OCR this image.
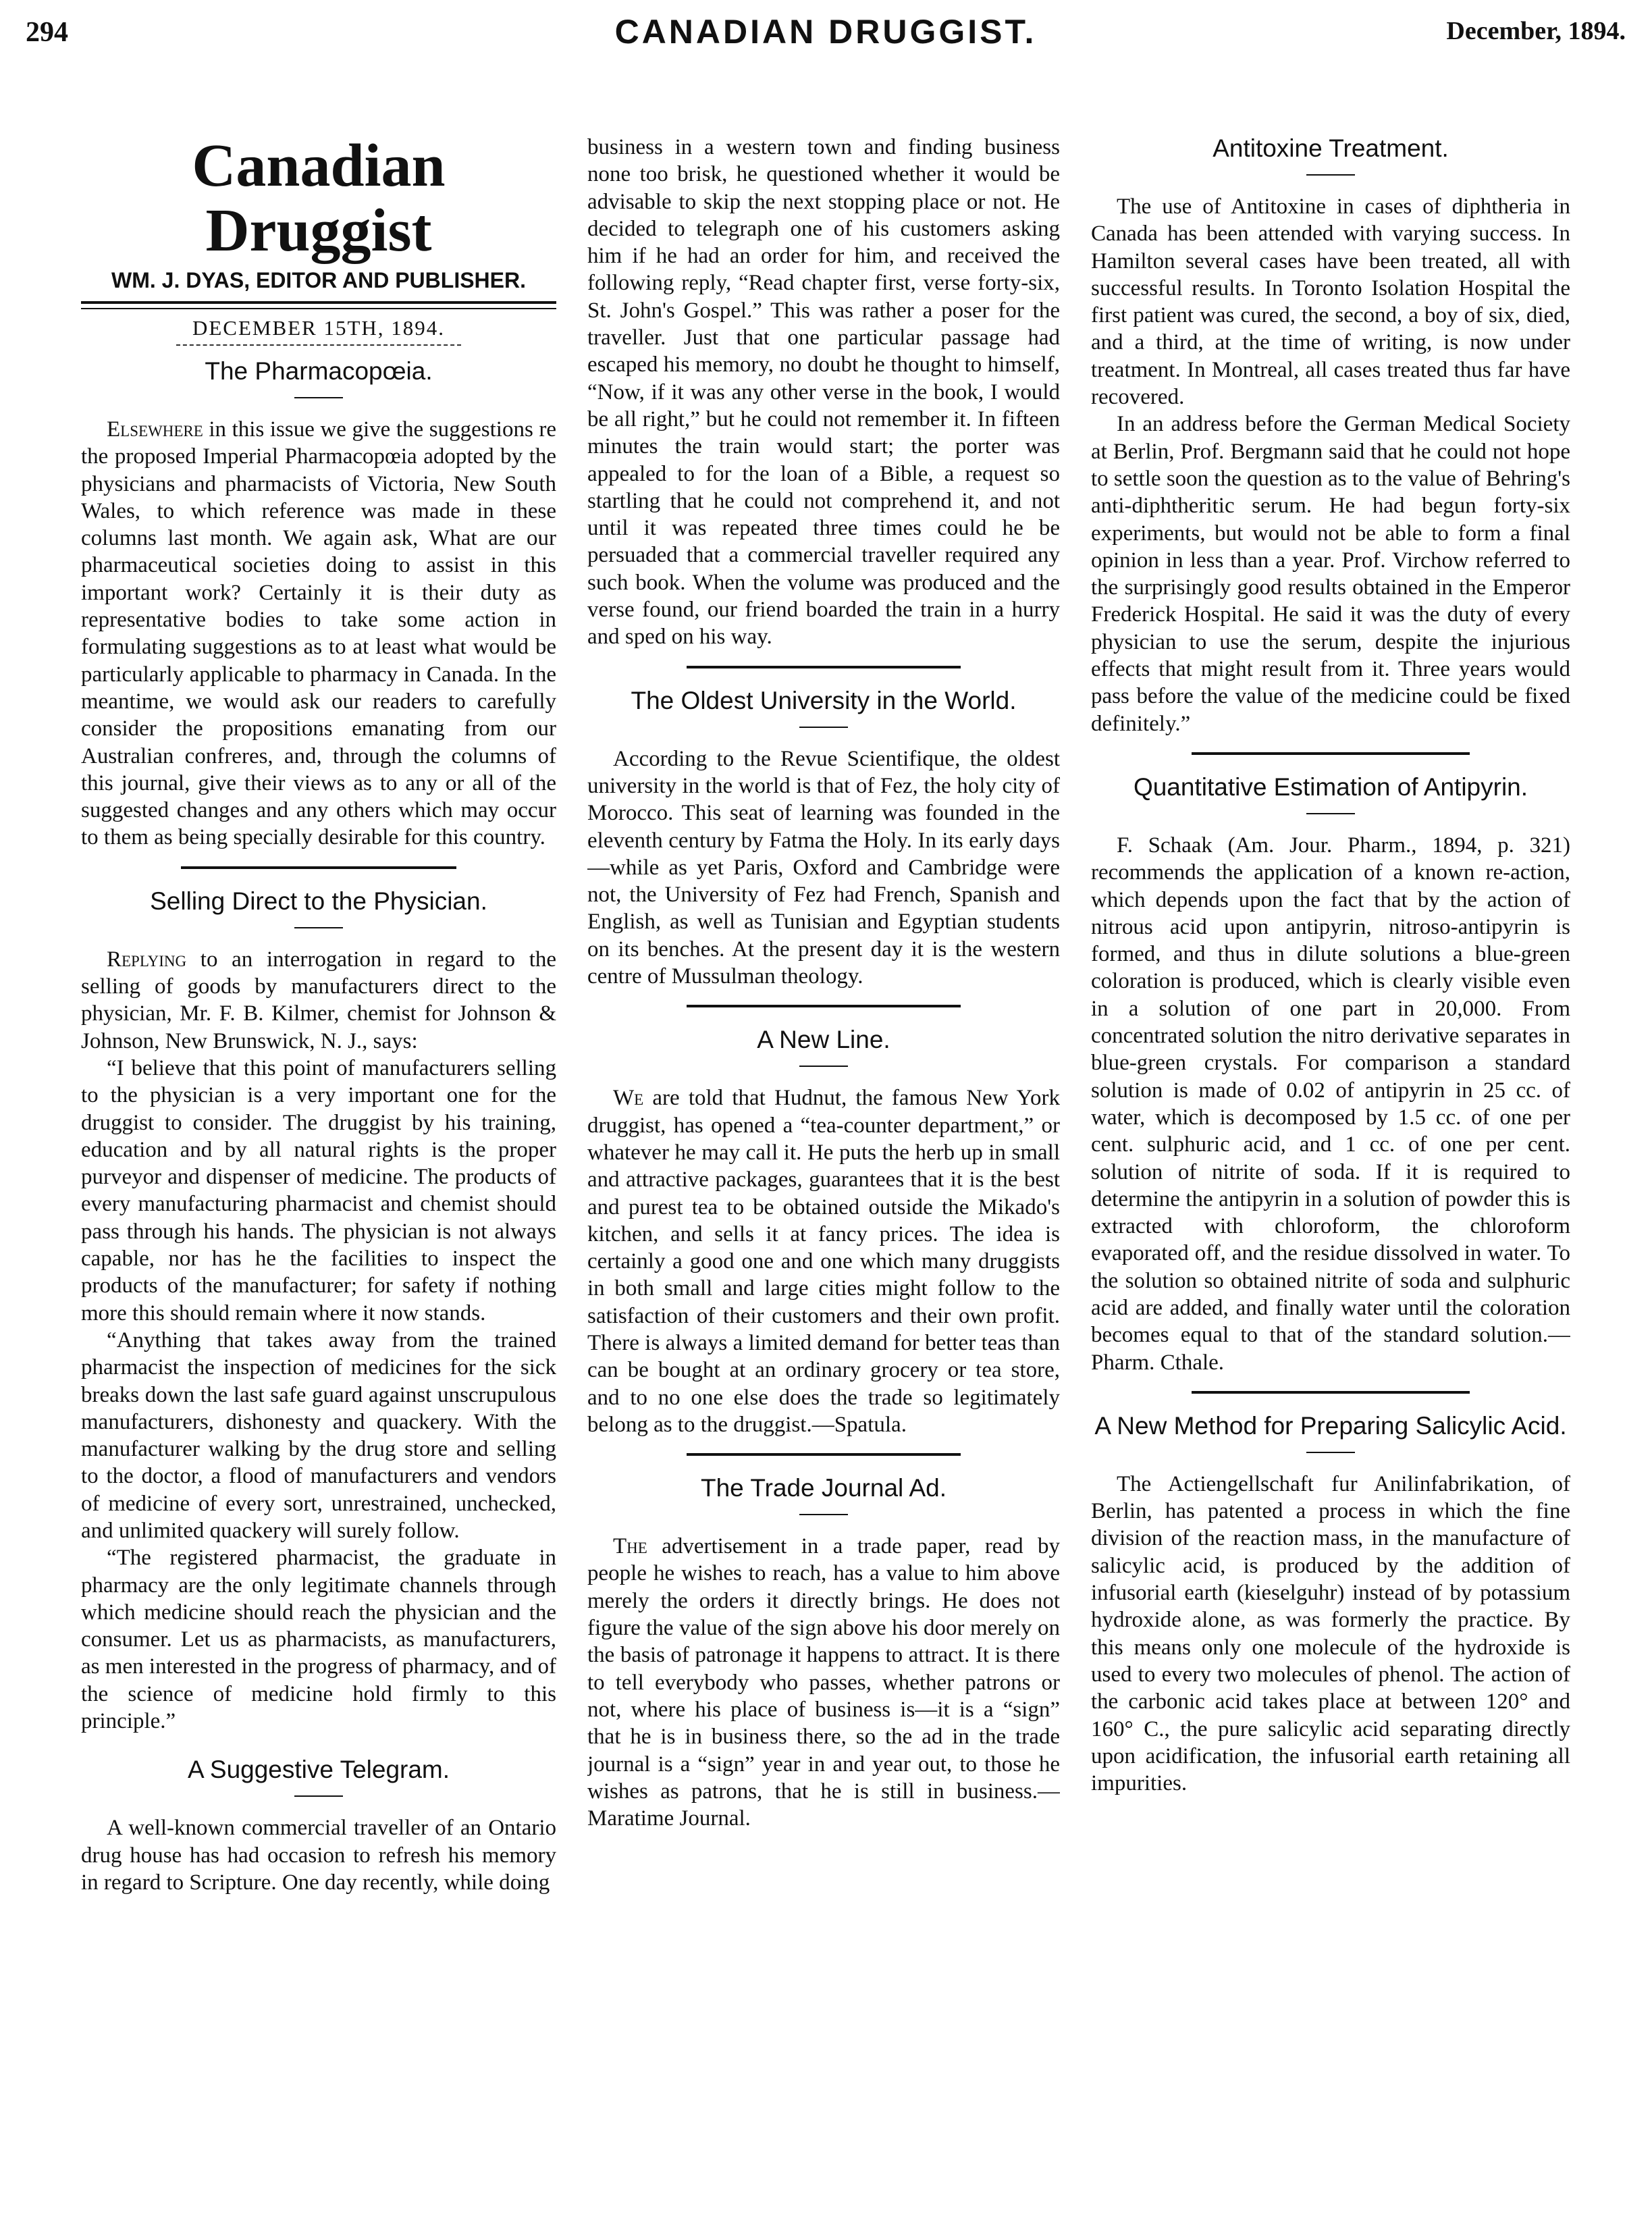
294	CANADIAN DRUGGIST.	December, 1894.
Canadian Druggist
WM. J. DYAS, EDITOR AND PUBLISHER.
DECEMBER 15TH, 1894.
The Pharmacopœia.

Elsewhere in this issue we give the suggestions re the proposed Imperial Pharmacopœia adopted by the physicians and pharmacists of Victoria, New South Wales, to which reference was made in these columns last month. We again ask, What are our pharmaceutical societies doing to assist in this important work? Certainly it is their duty as representative bodies to take some action in formulating suggestions as to at least what would be particularly applicable to pharmacy in Canada. In the meantime, we would ask our readers to carefully consider the propositions emanating from our Australian confreres, and, through the columns of this journal, give their views as to any or all of the suggested changes and any others which may occur to them as being specially desirable for this country.

Selling Direct to the Physician.

Replying to an interrogation in regard to the selling of goods by manufacturers direct to the physician, Mr. F. B. Kilmer, chemist for Johnson & Johnson, New Brunswick, N. J., says:

“I believe that this point of manufacturers selling to the physician is a very important one for the druggist to consider. The druggist by his training, education and by all natural rights is the proper purveyor and dispenser of medicine. The products of every manufacturing pharmacist and chemist should pass through his hands. The physician is not always capable, nor has he the facilities to inspect the products of the manufacturer; for safety if nothing more this should remain where it now stands.

“Anything that takes away from the trained pharmacist the inspection of medicines for the sick breaks down the last safe guard against unscrupulous manufacturers, dishonesty and quackery. With the manufacturer walking by the drug store and selling to the doctor, a flood of manufacturers and vendors of medicine of every sort, unrestrained, unchecked, and unlimited quackery will surely follow.

“The registered pharmacist, the graduate in pharmacy are the only legitimate channels through which medicine should reach the physician and the consumer. Let us as pharmacists, as manufacturers, as men interested in the progress of pharmacy, and of the science of medicine hold firmly to this principle.”

A Suggestive Telegram.

A well-known commercial traveller of an Ontario drug house has had occasion to refresh his memory in regard to Scripture. One day recently, while doing

business in a western town and finding business none too brisk, he questioned whether it would be advisable to skip the next stopping place or not. He decided to telegraph one of his customers asking him if he had an order for him, and received the following reply, “Read chapter first, verse forty-six, St. John's Gospel.” This was rather a poser for the traveller. Just that one particular passage had escaped his memory, no doubt he thought to himself, “Now, if it was any other verse in the book, I would be all right,” but he could not remember it. In fifteen minutes the train would start; the porter was appealed to for the loan of a Bible, a request so startling that he could not comprehend it, and not until it was repeated three times could he be persuaded that a commercial traveller required any such book. When the volume was produced and the verse found, our friend boarded the train in a hurry and sped on his way.

The Oldest University in the World.

According to the Revue Scientifique, the oldest university in the world is that of Fez, the holy city of Morocco. This seat of learning was founded in the eleventh century by Fatma the Holy. In its early days—while as yet Paris, Oxford and Cambridge were not, the University of Fez had French, Spanish and English, as well as Tunisian and Egyptian students on its benches. At the present day it is the western centre of Mussulman theology.

A New Line.

We are told that Hudnut, the famous New York druggist, has opened a “tea-counter department,” or whatever he may call it. He puts the herb up in small and attractive packages, guarantees that it is the best and purest tea to be obtained outside the Mikado's kitchen, and sells it at fancy prices. The idea is certainly a good one and one which many druggists in both small and large cities might follow to the satisfaction of their customers and their own profit. There is always a limited demand for better teas than can be bought at an ordinary grocery or tea store, and to no one else does the trade so legitimately belong as to the druggist.—Spatula.

The Trade Journal Ad.

The advertisement in a trade paper, read by people he wishes to reach, has a value to him above merely the orders it directly brings. He does not figure the value of the sign above his door merely on the basis of patronage it happens to attract. It is there to tell everybody who passes, whether patrons or not, where his place of business is—it is a “sign” that he is in business there, so the ad in the trade journal is a “sign” year in and year out, to those he wishes as patrons, that he is still in business.—Maratime Journal.

Antitoxine Treatment.

The use of Antitoxine in cases of diphtheria in Canada has been attended with varying success. In Hamilton several cases have been treated, all with successful results. In Toronto Isolation Hospital the first patient was cured, the second, a boy of six, died, and a third, at the time of writing, is now under treatment. In Montreal, all cases treated thus far have recovered.

In an address before the German Medical Society at Berlin, Prof. Bergmann said that he could not hope to settle soon the question as to the value of Behring's anti-diphtheritic serum. He had begun forty-six experiments, but would not be able to form a final opinion in less than a year. Prof. Virchow referred to the surprisingly good results obtained in the Emperor Frederick Hospital. He said it was the duty of every physician to use the serum, despite the injurious effects that might result from it. Three years would pass before the value of the medicine could be fixed definitely.”

Quantitative Estimation of Antipyrin.

F. Schaak (Am. Jour. Pharm., 1894, p. 321) recommends the application of a known re-action, which depends upon the fact that by the action of nitrous acid upon antipyrin, nitroso-antipyrin is formed, and thus in dilute solutions a blue-green coloration is produced, which is clearly visible even in a solution of one part in 20,000. From concentrated solution the nitro derivative separates in blue-green crystals. For comparison a standard solution is made of 0.02 of antipyrin in 25 cc. of water, which is decomposed by 1.5 cc. of one per cent. sulphuric acid, and 1 cc. of one per cent. solution of nitrite of soda. If it is required to determine the antipyrin in a solution of powder this is extracted with chloroform, the chloroform evaporated off, and the residue dissolved in water. To the solution so obtained nitrite of soda and sulphuric acid are added, and finally water until the coloration becomes equal to that of the standard solution.—Pharm. Cthale.

A New Method for Preparing Salicylic Acid.

The Actiengellschaft fur Anilinfabrikation, of Berlin, has patented a process in which the fine division of the reaction mass, in the manufacture of salicylic acid, is produced by the addition of infusorial earth (kieselguhr) instead of by potassium hydroxide alone, as was formerly the practice. By this means only one molecule of the hydroxide is used to every two molecules of phenol. The action of the carbonic acid takes place at between 120° and 160° C., the pure salicylic acid separating directly upon acidification, the infusorial earth retaining all impurities.
